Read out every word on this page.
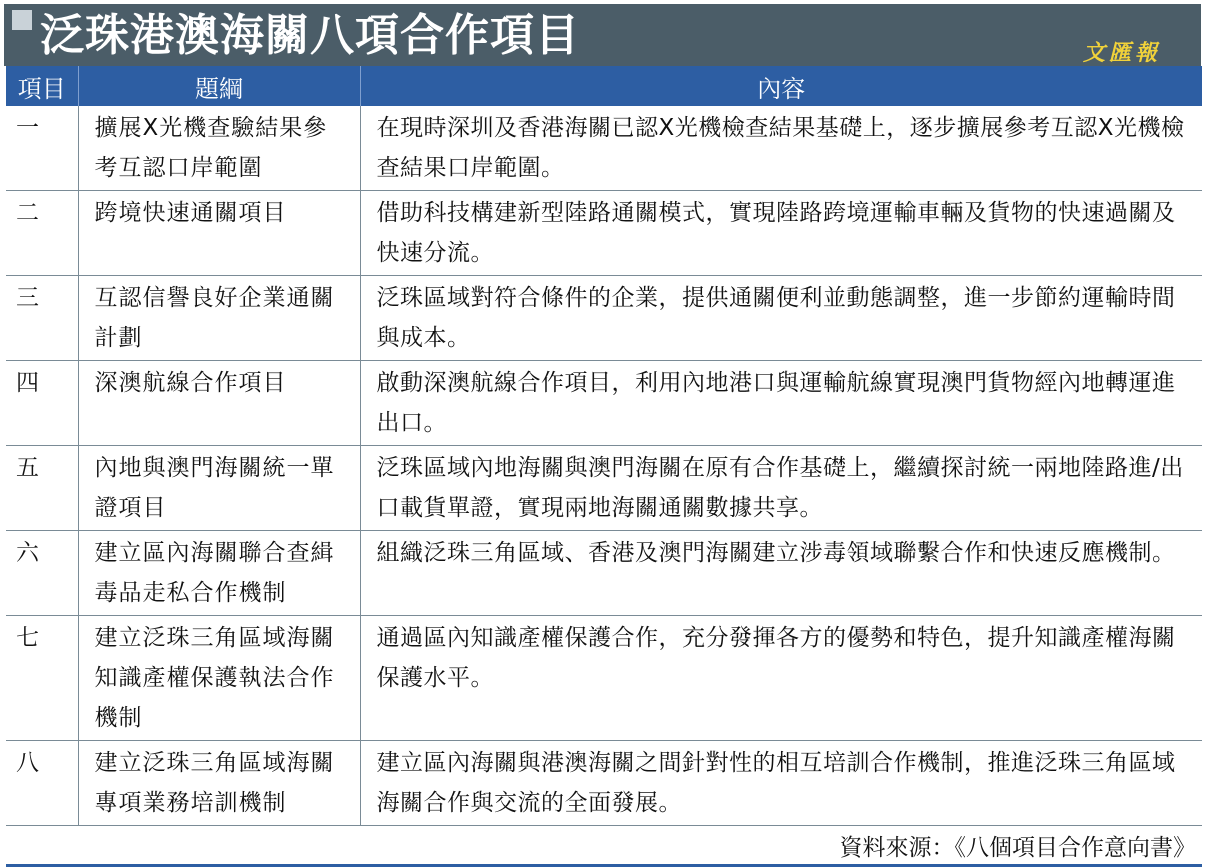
泛珠港澳海關八項合作項目	文匯報
項目	題綱	內容
一	擴展X光機查驗結果參考互認口岸範圍	在現時深圳及香港海關已認X光機檢查結果基礎上，逐步擴展參考互認X光機檢查結果口岸範圍。
二	跨境快速通關項目	借助科技構建新型陸路通關模式，實現陸路跨境運輸車輛及貨物的快速過關及快速分流。
三	互認信譽良好企業通關計劃	泛珠區域對符合條件的企業，提供通關便利並動態調整，進一步節約運輸時間與成本。
四	深澳航線合作項目	啟動深澳航線合作項目，利用內地港口與運輸航線實現澳門貨物經內地轉運進出口。
五	內地與澳門海關統一單證項目	泛珠區域內地海關與澳門海關在原有合作基礎上，繼續探討統一兩地陸路進/出口載貨單證，實現兩地海關通關數據共享。
六	建立區內海關聯合查緝毒品走私合作機制	組織泛珠三角區域、香港及澳門海關建立涉毒領域聯繫合作和快速反應機制。
七	建立泛珠三角區域海關知識產權保護執法合作機制	通過區內知識產權保護合作，充分發揮各方的優勢和特色，提升知識產權海關保護水平。
八	建立泛珠三角區域海關專項業務培訓機制	建立區內海關與港澳海關之間針對性的相互培訓合作機制，推進泛珠三角區域海關合作與交流的全面發展。
資料來源：《八個項目合作意向書》		
